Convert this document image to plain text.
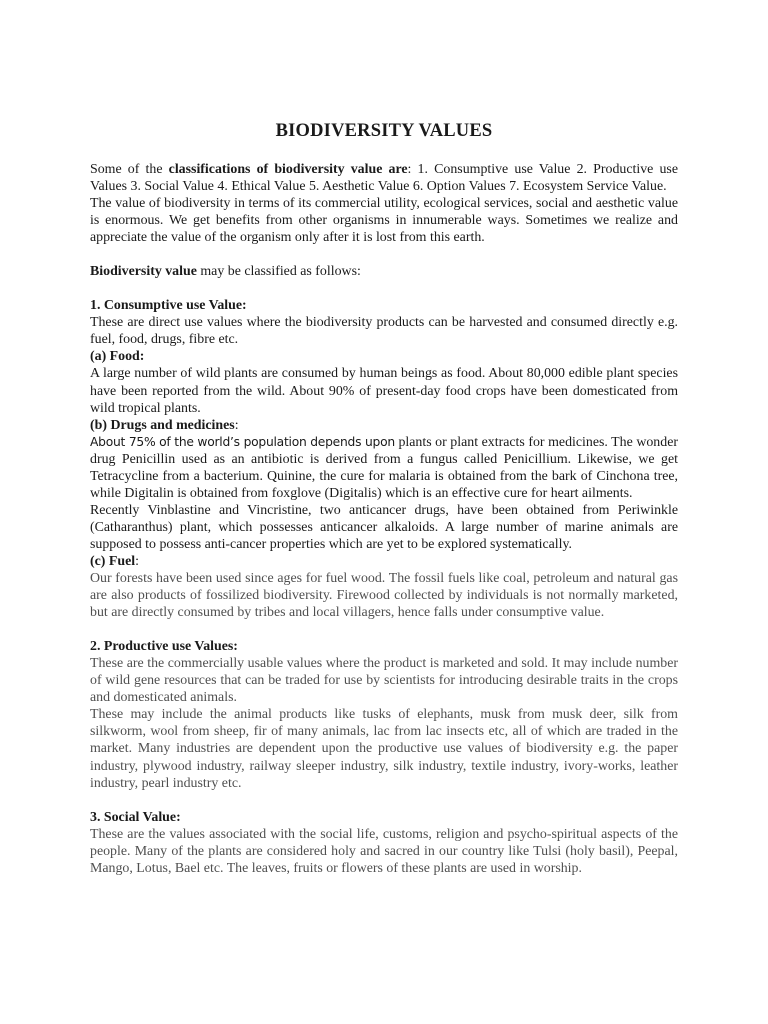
BIODIVERSITY VALUES

Some of the classifications of biodiversity value are: 1. Consumptive use Value 2. Productive use Values 3. Social Value 4. Ethical Value 5. Aesthetic Value 6. Option Values 7. Ecosystem Service Value.

The value of biodiversity in terms of its commercial utility, ecological services, social and aesthetic value is enormous. We get benefits from other organisms in innumerable ways. Sometimes we realize and appreciate the value of the organism only after it is lost from this earth.

Biodiversity value may be classified as follows:

1. Consumptive use Value:

These are direct use values where the biodiversity products can be harvested and consumed directly e.g. fuel, food, drugs, fibre etc.

(a) Food:

A large number of wild plants are consumed by human beings as food. About 80,000 edible plant species have been reported from the wild. About 90% of present-day food crops have been domesticated from wild tropical plants.

(b) Drugs and medicines:

About 75% of the world’s population depends upon plants or plant extracts for medicines. The wonder drug Penicillin used as an antibiotic is derived from a fungus called Penicillium. Likewise, we get Tetracycline from a bacterium. Quinine, the cure for malaria is obtained from the bark of Cinchona tree, while Digitalin is obtained from foxglove (Digitalis) which is an effective cure for heart ailments.

Recently Vinblastine and Vincristine, two anticancer drugs, have been obtained from Periwinkle (Catharanthus) plant, which possesses anticancer alkaloids. A large number of marine animals are supposed to possess anti-cancer properties which are yet to be explored systematically.

(c) Fuel:

Our forests have been used since ages for fuel wood. The fossil fuels like coal, petroleum and natural gas are also products of fossilized biodiversity. Firewood collected by individuals is not normally marketed, but are directly consumed by tribes and local villagers, hence falls under consumptive value.

2. Productive use Values:

These are the commercially usable values where the product is marketed and sold. It may include number of wild gene resources that can be traded for use by scientists for introducing desirable traits in the crops and domesticated animals.

These may include the animal products like tusks of elephants, musk from musk deer, silk from silkworm, wool from sheep, fir of many animals, lac from lac insects etc, all of which are traded in the market. Many industries are dependent upon the productive use values of biodiversity e.g. the paper industry, plywood industry, railway sleeper industry, silk industry, textile industry, ivory-works, leather industry, pearl industry etc.

3. Social Value:

These are the values associated with the social life, customs, religion and psycho-spiritual aspects of the people. Many of the plants are considered holy and sacred in our country like Tulsi (holy basil), Peepal, Mango, Lotus, Bael etc. The leaves, fruits or flowers of these plants are used in worship.
